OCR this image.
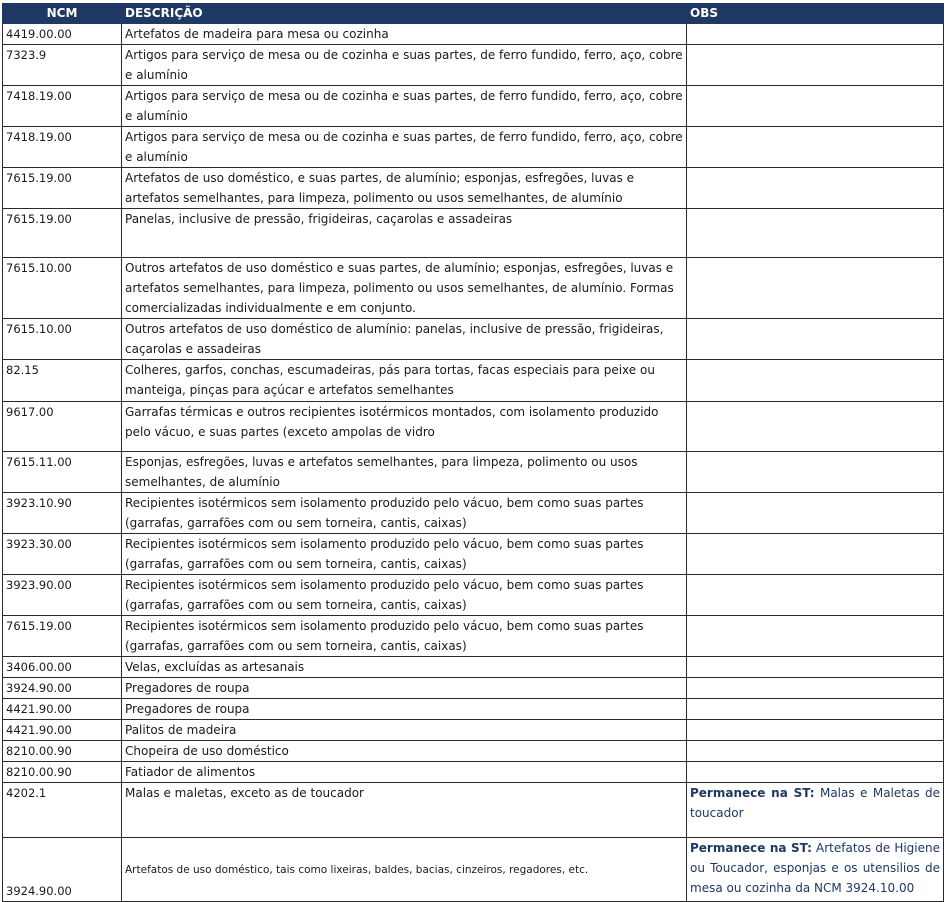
NCM	DESCRIÇÃO	OBS
4419.00.00	Artefatos de madeira para mesa ou cozinha	
7323.9	Artigos para serviço de mesa ou de cozinha e suas partes, de ferro fundido, ferro, aço, cobre e alumínio	
7418.19.00	Artigos para serviço de mesa ou de cozinha e suas partes, de ferro fundido, ferro, aço, cobre e alumínio	
7418.19.00	Artigos para serviço de mesa ou de cozinha e suas partes, de ferro fundido, ferro, aço, cobre e alumínio	
7615.19.00	Artefatos de uso doméstico, e suas partes, de alumínio; esponjas, esfregões, luvas e artefatos semelhantes, para limpeza, polimento ou usos semelhantes, de alumínio	
7615.19.00	Panelas, inclusive de pressão, frigideiras, caçarolas e assadeiras	
7615.10.00	Outros artefatos de uso doméstico e suas partes, de alumínio; esponjas, esfregões, luvas e artefatos semelhantes, para limpeza, polimento ou usos semelhantes, de alumínio. Formas comercializadas individualmente e em conjunto.	
7615.10.00	Outros artefatos de uso doméstico de alumínio: panelas, inclusive de pressão, frigideiras, caçarolas e assadeiras	
82.15	Colheres, garfos, conchas, escumadeiras, pás para tortas, facas especiais para peixe ou manteiga, pinças para açúcar e artefatos semelhantes	
9617.00	Garrafas térmicas e outros recipientes isotérmicos montados, com isolamento produzido pelo vácuo, e suas partes (exceto ampolas de vidro	
7615.11.00	Esponjas, esfregões, luvas e artefatos semelhantes, para limpeza, polimento ou usos semelhantes, de alumínio	
3923.10.90	Recipientes isotérmicos sem isolamento produzido pelo vácuo, bem como suas partes (garrafas, garrafões com ou sem torneira, cantis, caixas)	
3923.30.00	Recipientes isotérmicos sem isolamento produzido pelo vácuo, bem como suas partes (garrafas, garrafões com ou sem torneira, cantis, caixas)	
3923.90.00	Recipientes isotérmicos sem isolamento produzido pelo vácuo, bem como suas partes (garrafas, garrafões com ou sem torneira, cantis, caixas)	
7615.19.00	Recipientes isotérmicos sem isolamento produzido pelo vácuo, bem como suas partes (garrafas, garrafões com ou sem torneira, cantis, caixas)	
3406.00.00	Velas, excluídas as artesanais	
3924.90.00	Pregadores de roupa	
4421.90.00	Pregadores de roupa	
4421.90.00	Palitos de madeira	
8210.00.90	Chopeira de uso doméstico	
8210.00.90	Fatiador de alimentos	
4202.1	Malas e maletas, exceto as de toucador	Permanece na ST: Malas e Maletas de toucador
3924.90.00	Artefatos de uso doméstico, tais como lixeiras, baldes, bacias, cinzeiros, regadores, etc.	Permanece na ST: Artefatos de Higiene ou Toucador, esponjas e os utensilios de mesa ou cozinha da NCM 3924.10.00
